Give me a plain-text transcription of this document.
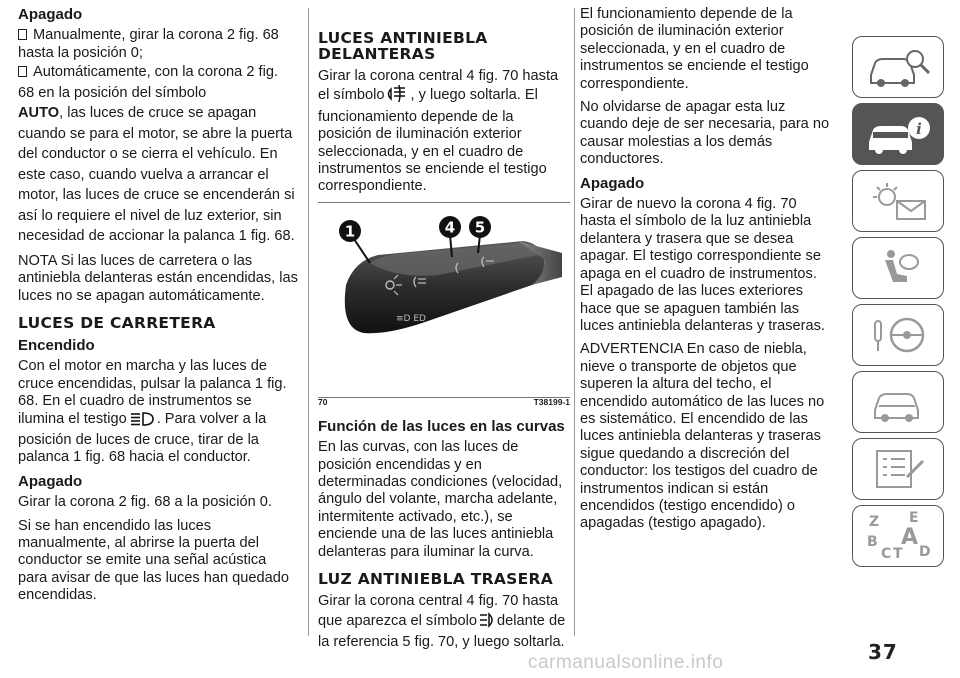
Apagado

Manualmente, girar la corona 2 fig. 68 hasta la posición 0;

Automáticamente, con la corona 2 fig. 68 en la posición del símbolo
AUTO, las luces de cruce se apagan cuando se para el motor, se abre la puerta del conductor o se cierra el vehículo. En este caso, cuando vuelva a arrancar el motor, las luces de cruce se encenderán si así lo requiere el nivel de luz exterior, sin necesidad de accionar la palanca 1 fig. 68.

NOTA Si las luces de carretera o las antiniebla delanteras están encendidas, las luces no se apagan automáticamente.

LUCES DE CARRETERA
Encendido

Con el motor en marcha y las luces de cruce encendidas, pulsar la palanca 1 fig. 68. En el cuadro de instrumentos se ilumina el testigo . Para volver a la posición de luces de cruce, tirar de la palanca 1 fig. 68 hacia el conductor.

Apagado

Girar la corona 2 fig. 68 a la posición 0.

Si se han encendido las luces manualmente, al abrirse la puerta del conductor se emite una señal acústica para avisar de que las luces han quedado encendidas.

LUCES ANTINIEBLA DELANTERAS

Girar la corona central 4 fig. 70 hasta el símbolo , y luego soltarla. El funcionamiento depende de la posición de iluminación exterior seleccionada, y en el cuadro de instrumentos se enciende el testigo correspondiente.

≡D ED
1	4 5
70	T38199-1
Función de las luces en las curvas

En las curvas, con las luces de posición encendidas y en determinadas condiciones (velocidad, ángulo del volante, marcha adelante, intermitente activado, etc.), se enciende una de las luces antiniebla delanteras para iluminar la curva.

LUZ ANTINIEBLA TRASERA

Girar la corona central 4 fig. 70 hasta que aparezca el símbolo delante de la referencia 5 fig. 70, y luego soltarla.

El funcionamiento depende de la posición de iluminación exterior seleccionada, y en el cuadro de instrumentos se enciende el testigo correspondiente.

No olvidarse de apagar esta luz cuando deje de ser necesaria, para no causar molestias a los demás conductores.

Apagado

Girar de nuevo la corona 4 fig. 70 hasta el símbolo de la luz antiniebla delantera y trasera que se desea apagar. El testigo correspondiente se apaga en el cuadro de instrumentos. El apagado de las luces exteriores hace que se apaguen también las luces antiniebla delanteras y traseras.

ADVERTENCIA En caso de niebla, nieve o transporte de objetos que superen la altura del techo, el encendido automático de las luces no es sistemático. El encendido de las luces antiniebla delanteras y traseras sigue quedando a discreción del conductor: los testigos del cuadro de instrumentos indican si están encendidos (testigo encendido) o apagadas (testigo apagado).

i
Z E
B A
C T D
carmanualsonline.info	37
